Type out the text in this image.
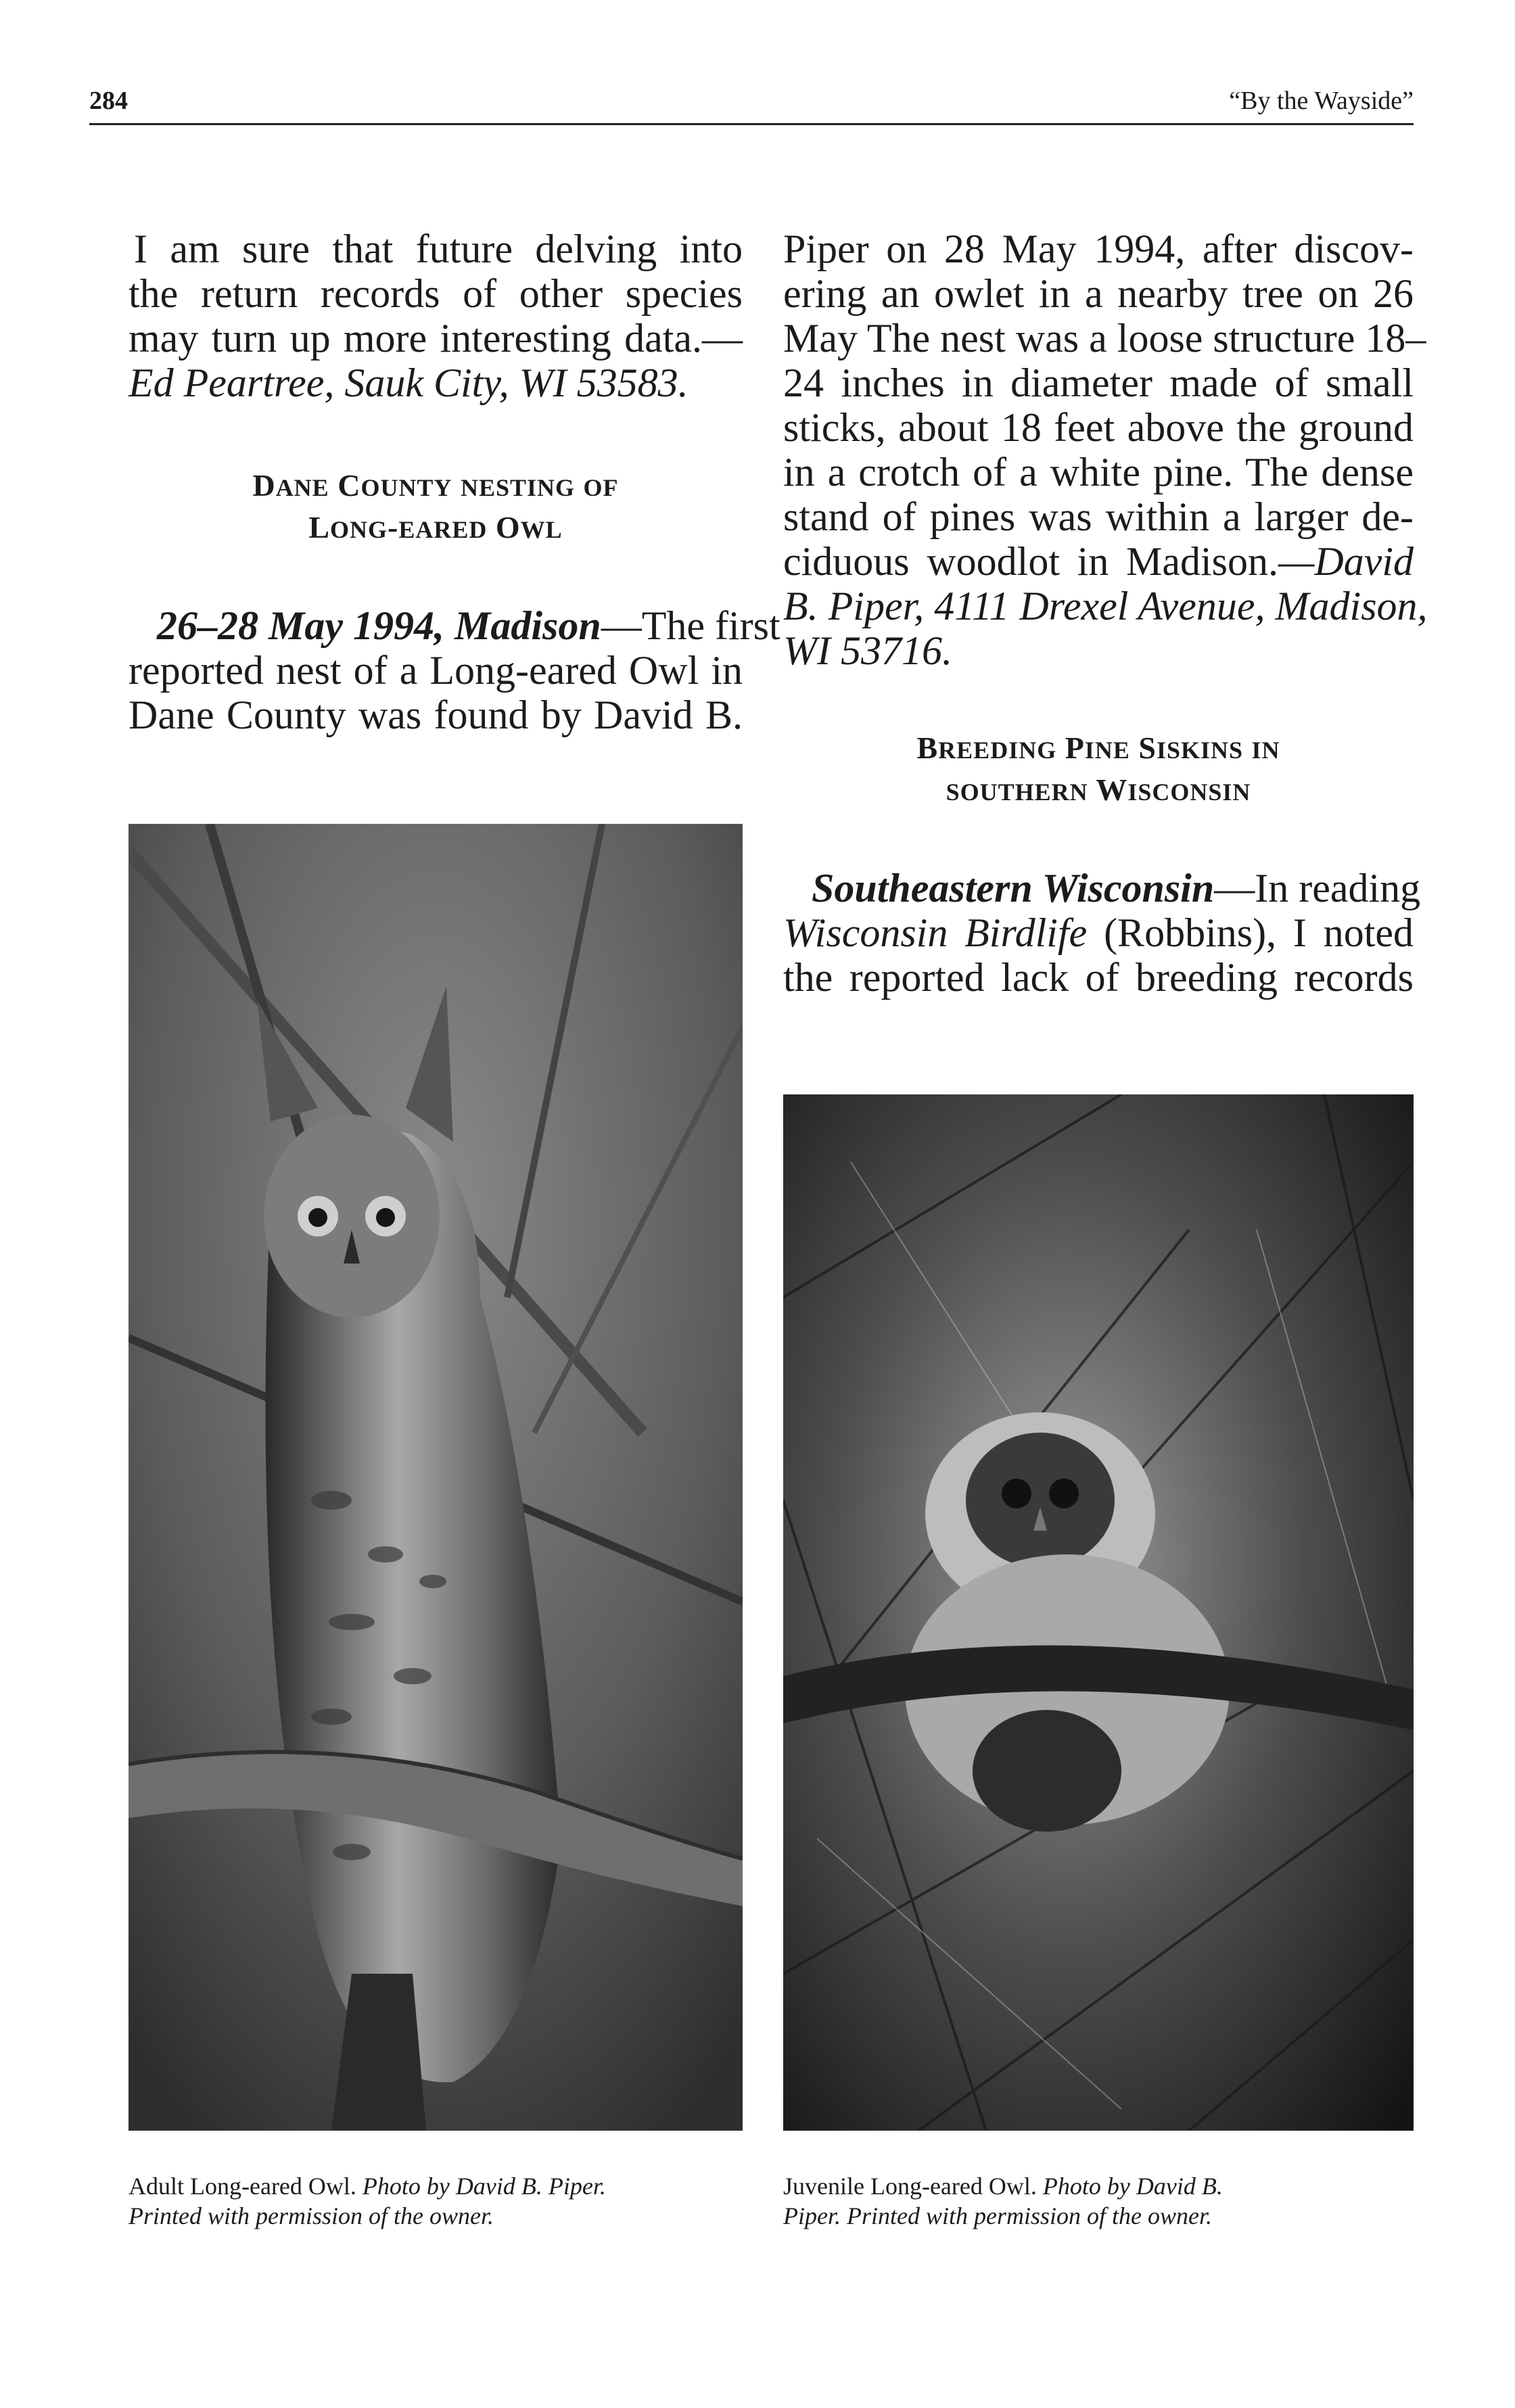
284	“By the Wayside”
I am sure that future delving into
the return records of other species
may turn up more interesting data.—
Ed Peartree, Sauk City, WI 53583.
DANE COUNTY NESTING OF
LONG-EARED OWL
26–28 May 1994, Madison—The first
reported nest of a Long-eared Owl in
Dane County was found by David B.
Piper on 28 May 1994, after discov-
ering an owlet in a nearby tree on 26
May The nest was a loose structure 18–
24 inches in diameter made of small
sticks, about 18 feet above the ground
in a crotch of a white pine. The dense
stand of pines was within a larger de-
ciduous woodlot in Madison.—David
B. Piper, 4111 Drexel Avenue, Madison,
WI 53716.
BREEDING PINE SISKINS IN
SOUTHERN WISCONSIN
Southeastern Wisconsin—In reading
Wisconsin Birdlife (Robbins), I noted
the reported lack of breeding records
Adult Long-eared Owl. Photo by David B. Piper.
Printed with permission of the owner.
Juvenile Long-eared Owl. Photo by David B.
Piper. Printed with permission of the owner.
